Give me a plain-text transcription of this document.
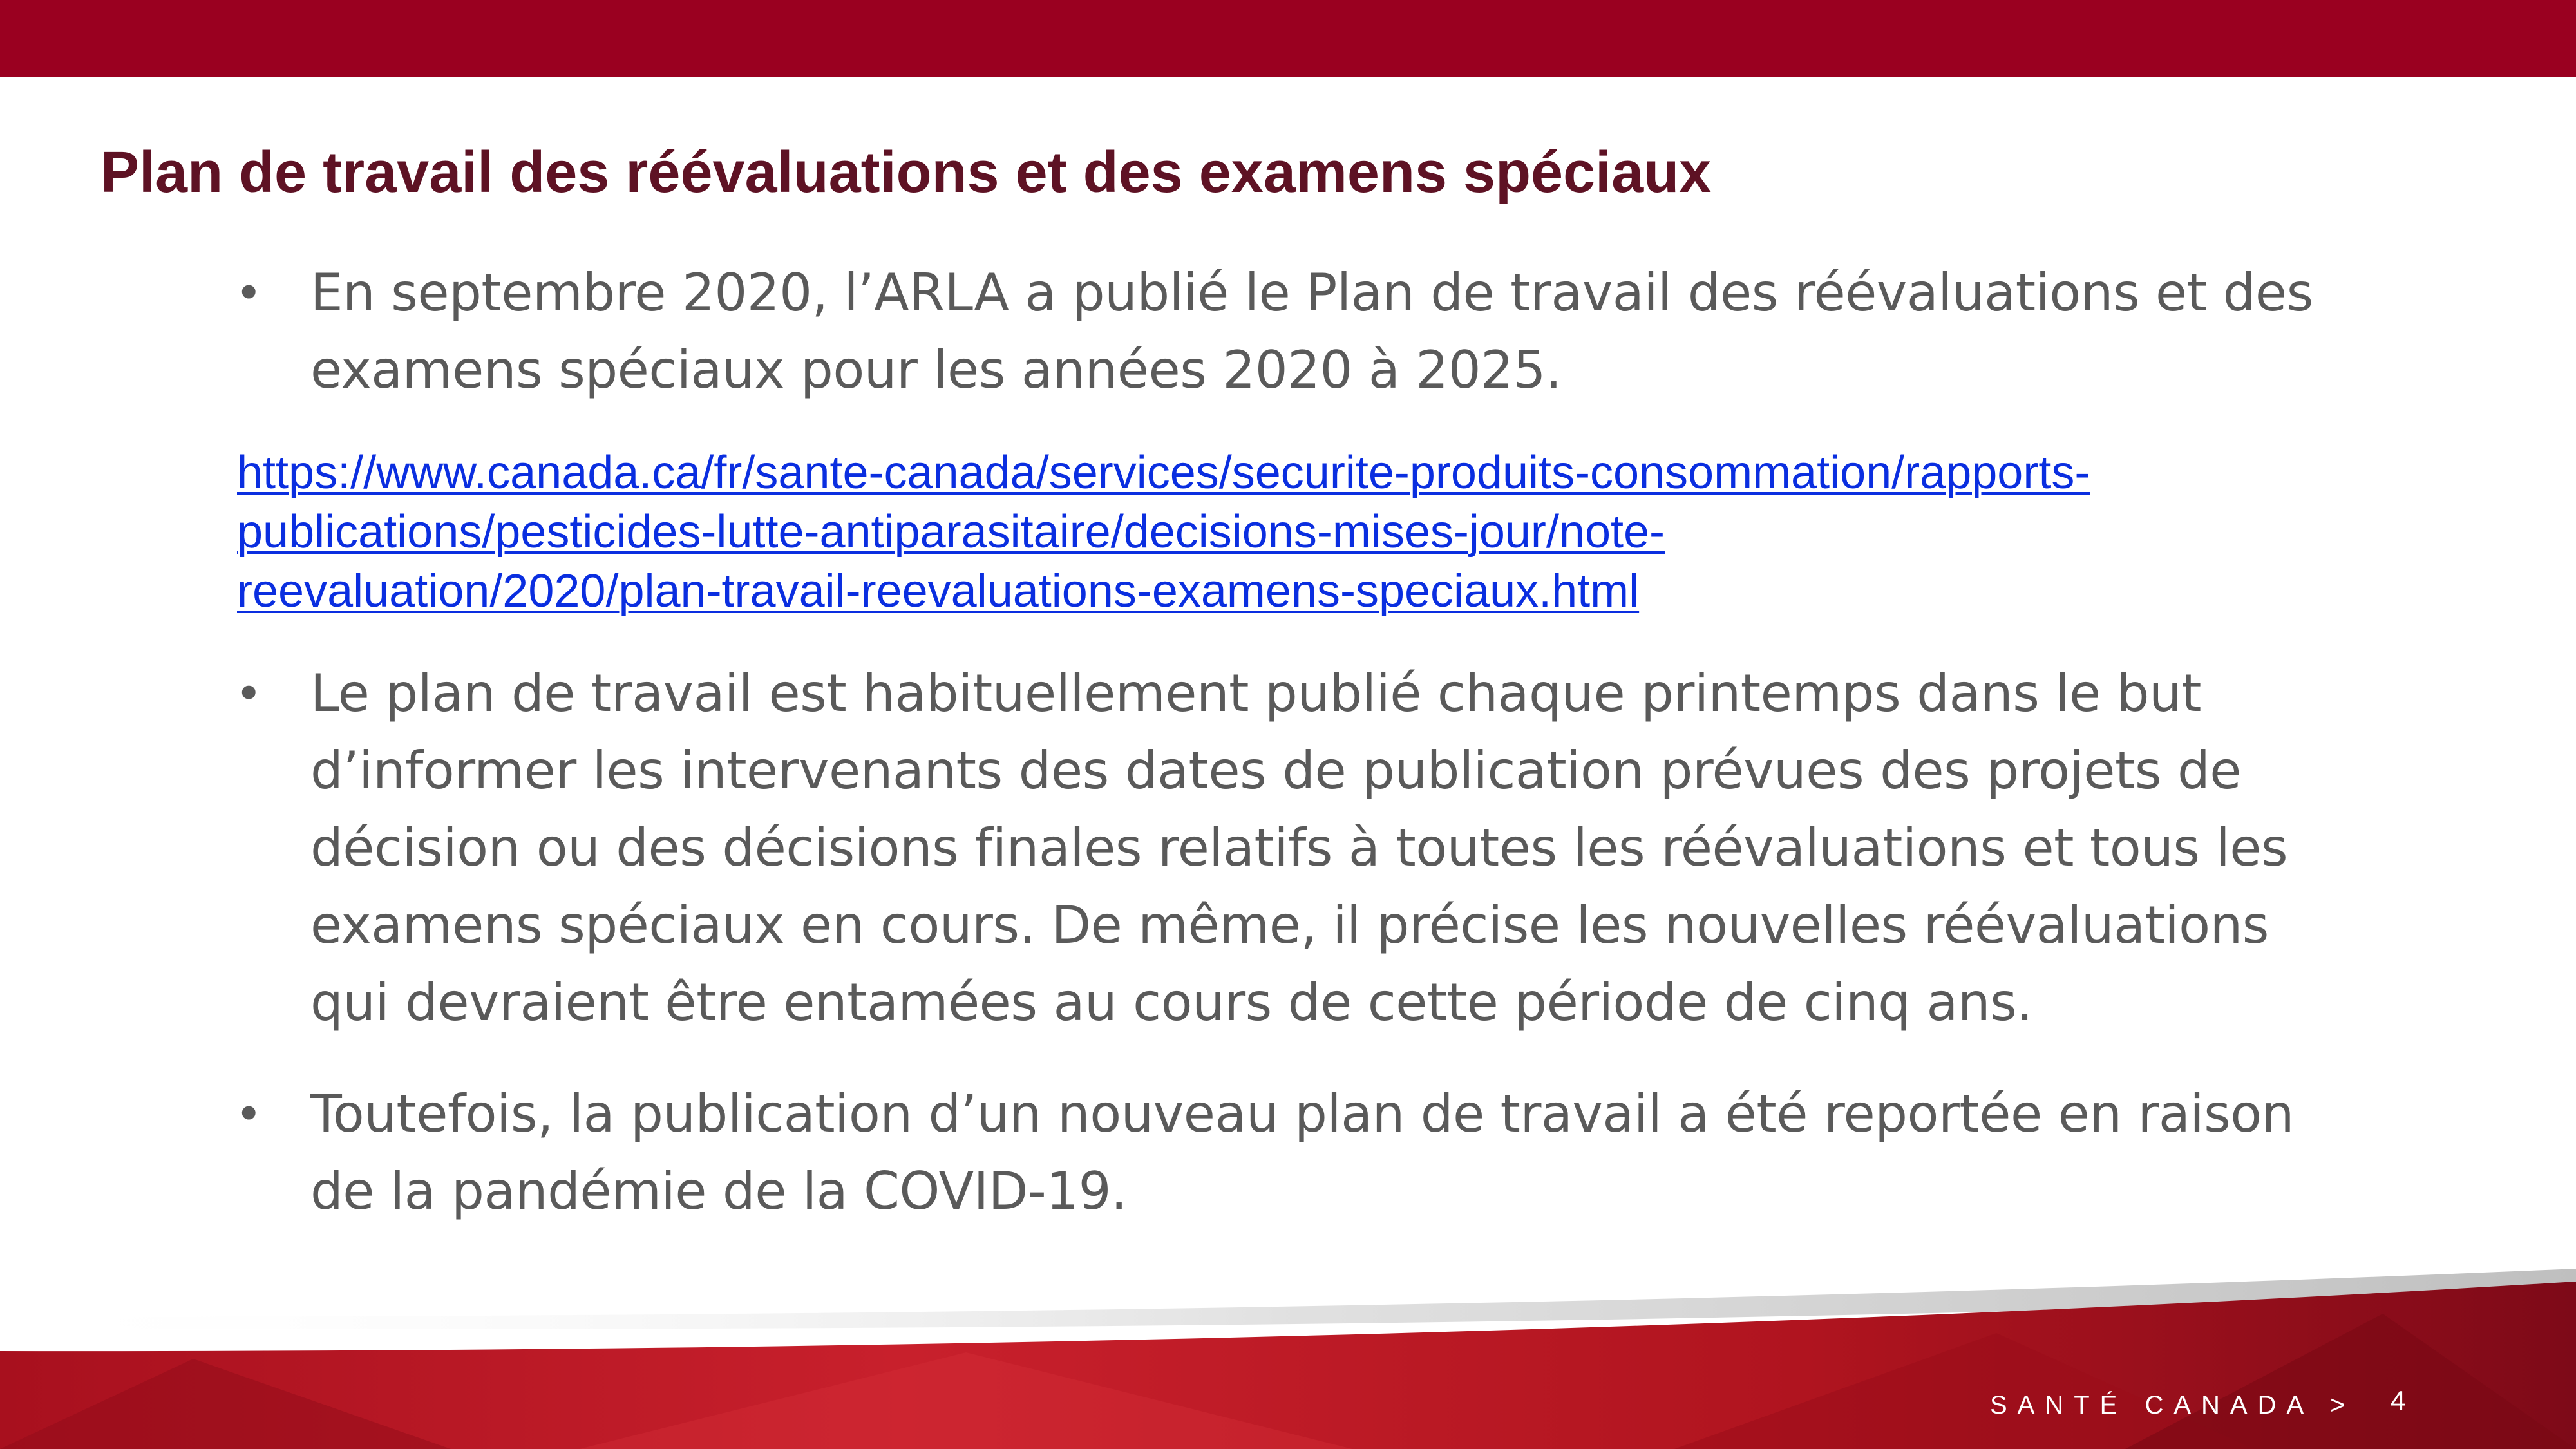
Plan de travail des réévaluations et des examens spéciaux
• En septembre 2020, l’ARLA a publié le Plan de travail des réévaluations et des
examens spéciaux pour les années 2020 à 2025.
https://www.canada.ca/fr/sante-canada/services/securite-produits-consommation/rapports-
publications/pesticides-lutte-antiparasitaire/decisions-mises-jour/note-
reevaluation/2020/plan-travail-reevaluations-examens-speciaux.html
• Le plan de travail est habituellement publié chaque printemps dans le but
d’informer les intervenants des dates de publication prévues des projets de
décision ou des décisions finales relatifs à toutes les réévaluations et tous les
examens spéciaux en cours. De même, il précise les nouvelles réévaluations
qui devraient être entamées au cours de cette période de cinq ans.
• Toutefois, la publication d’un nouveau plan de travail a été reportée en raison
de la pandémie de la COVID-19.
SANTÉ CANADA > 4
